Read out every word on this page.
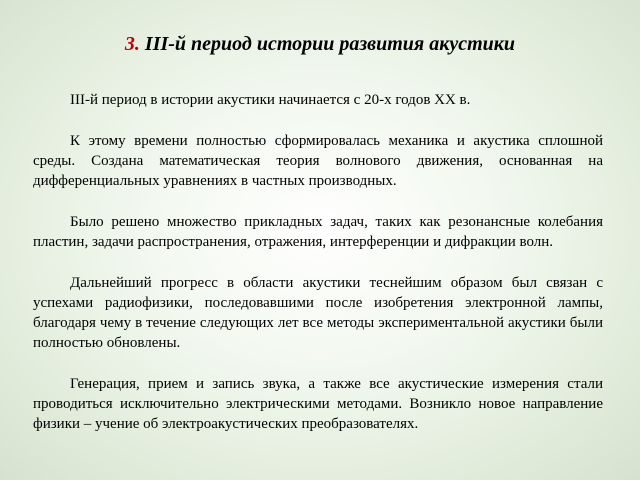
3. III-й период истории развития акустики

III-й период в истории акустики начинается с 20-х годов XX в.

К этому времени полностью сформировалась механика и акустика сплошной среды. Создана математическая теория волнового движения, основанная на дифференциальных уравнениях в частных производных.

Было решено множество прикладных задач, таких как резонансные колебания пластин, задачи распространения, отражения, интерференции и дифракции волн.

Дальнейший прогресс в области акустики теснейшим образом был связан с успехами радиофизики, последовавшими после изобретения электронной лампы, благодаря чему в течение следующих лет все методы экспериментальной акустики были полностью обновлены.

Генерация, прием и запись звука, а также все акустические измерения стали проводиться исключительно электрическими методами. Возникло новое направление физики – учение об электроакустических преобразователях.
